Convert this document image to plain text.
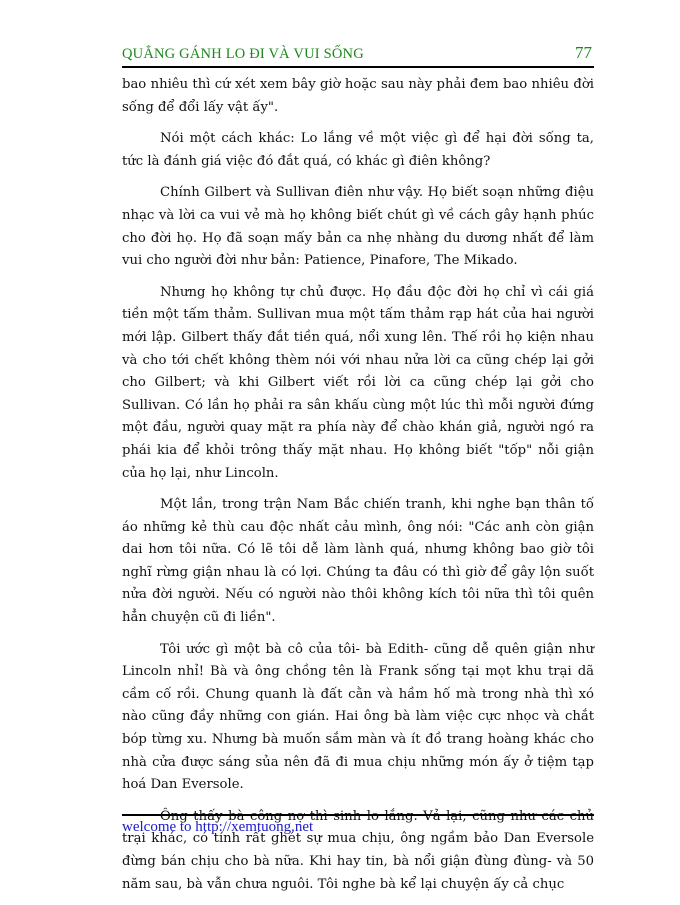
QUẲNG GÁNH LO ĐI VÀ VUI SỐNG	77

bao nhiêu thì cứ xét xem bây giờ hoặc sau này phải đem bao nhiêu đời sống để đổi lấy vật ấy".

Nói một cách khác: Lo lắng về một việc gì để hại đời sống ta, tức là đánh giá việc đó đắt quá, có khác gì điên không?

Chính Gilbert và Sullivan điên như vậy. Họ biết soạn những điệu nhạc và lời ca vui vẻ mà họ không biết chút gì về cách gây hạnh phúc cho đời họ. Họ đã soạn mấy bản ca nhẹ nhàng du dương nhất để làm vui cho người đời như bản: Patience, Pinafore, The Mikado.

Nhưng họ không tự chủ được. Họ đầu độc đời họ chỉ vì cái giá tiền một tấm thảm. Sullivan mua một tấm thảm rạp hát của hai người mới lập. Gilbert thấy đắt tiền quá, nổi xung lên. Thế rồi họ kiện nhau và cho tới chết không thèm nói với nhau nửa lời ca cũng chép lại gởi cho Gilbert; và khi Gilbert viết rồi lời ca cũng chép lại gởi cho Sullivan. Có lần họ phải ra sân khấu cùng một lúc thì mỗi người đứng một đầu, người quay mặt ra phía này để chào khán giả, người ngó ra phái kia để khỏi trông thấy mặt nhau. Họ không biết "tốp" nỗi giận của họ lại, như Lincoln.

Một lần, trong trận Nam Bắc chiến tranh, khi nghe bạn thân tố áo những kẻ thù cau độc nhất cảu mình, ông nói: "Các anh còn giận dai hơn tôi nữa. Có lẽ tôi dễ làm lành quá, nhưng không bao giờ tôi nghĩ rừng giận nhau là có lợi. Chúng ta đâu có thì giờ để gây lộn suốt nửa đời người. Nếu có người nào thôi không kích tôi nữa thì tôi quên hẳn chuyện cũ đi liền".

Tôi ước gì một bà cô của tôi- bà Edith- cũng dễ quên giận như Lincoln nhỉ! Bà và ông chồng tên là Frank sống tại mọt khu trại dã cầm cố rồi. Chung quanh là đất cằn và hầm hố mà trong nhà thì xó nào cũng đầy những con gián. Hai ông bà làm việc cực nhọc và chắt bóp từng xu. Nhưng bà muốn sắm màn và ít đồ trang hoàng khác cho nhà cửa được sáng sủa nên đã đi mua chịu những món ấy ở tiệm tạp hoá Dan Eversole.

Ông thấy bà công nợ thì sinh lo lắng. Vả lại, cũng như các chủ trại khác, có tính rất ghét sự mua chịu, ông ngầm bảo Dan Eversole đừng bán chịu cho bà nữa. Khi hay tin, bà nổi giận đùng đùng- và 50 năm sau, bà vẫn chưa nguôi. Tôi nghe bà kể lại chuyện ấy cả chục

welcome to http://xemtuong.net
